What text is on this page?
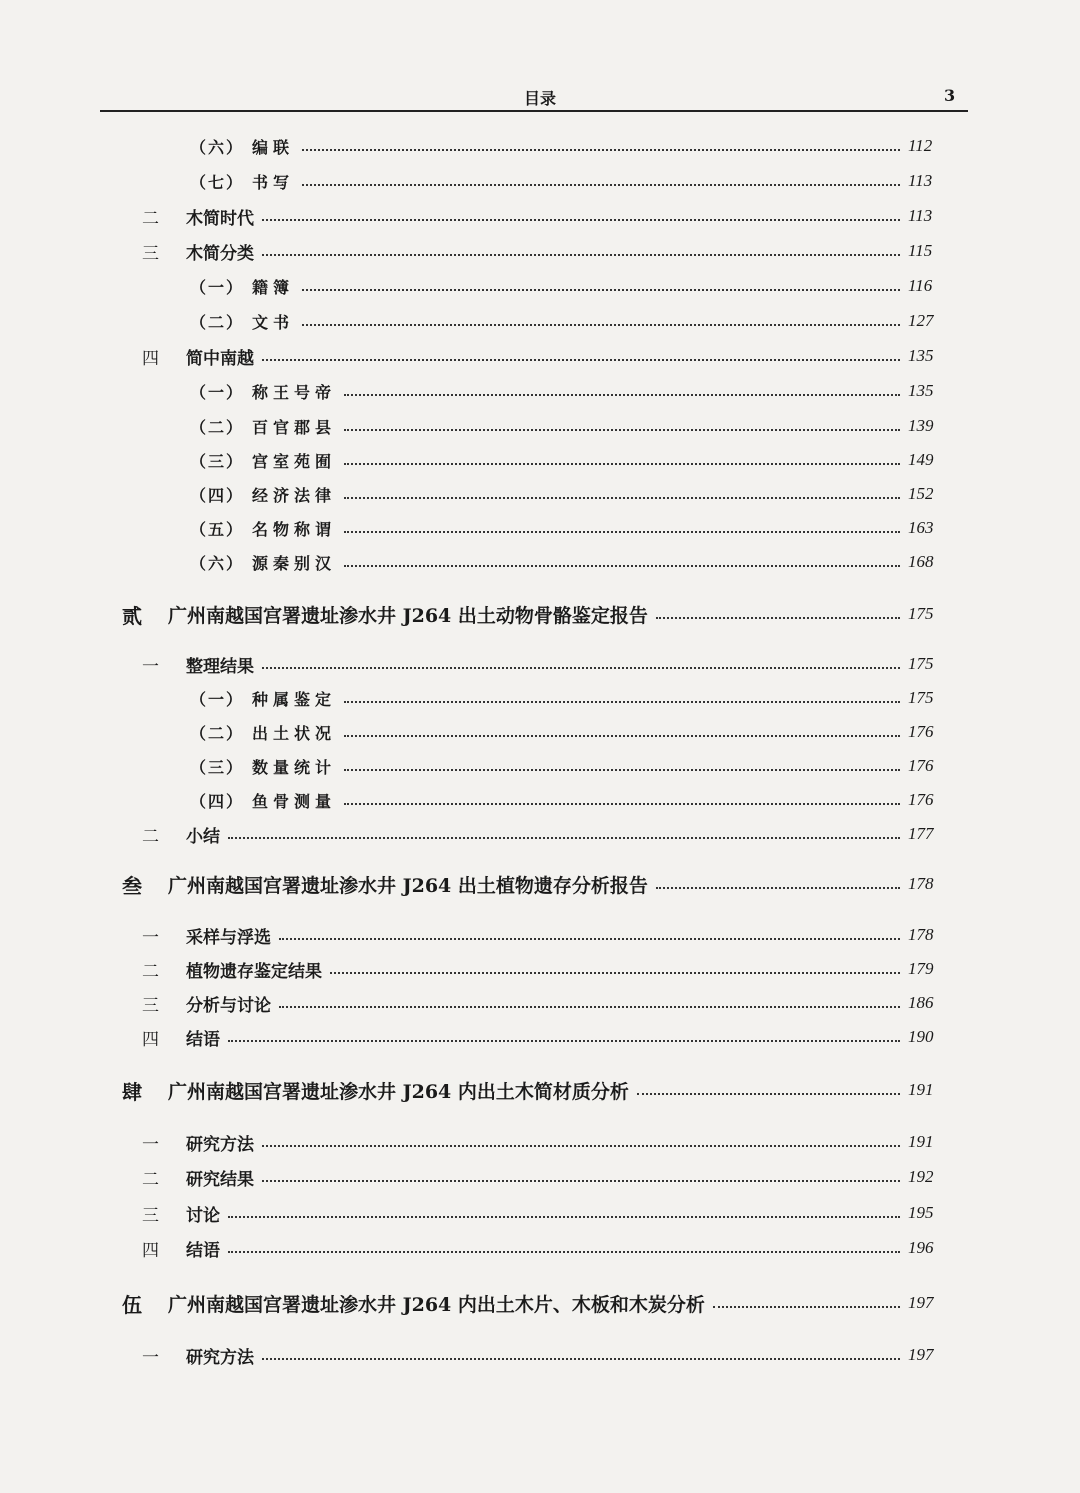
目录	3
（六） 编联	112
（七） 书写	113
二	木简时代	113
三	木简分类	115
（一） 籍簿	116
（二） 文书	127
四	简中南越	135
（一） 称王号帝	135
（二） 百官郡县	139
（三） 宫室苑囿	149
（四） 经济法律	152
（五） 名物称谓	163
（六） 源秦别汉	168
贰	广州南越国宫署遗址渗水井 J264 出土动物骨骼鉴定报告	175
一	整理结果	175
（一） 种属鉴定	175
（二） 出土状况	176
（三） 数量统计	176
（四） 鱼骨测量	176
二	小结	177
叁	广州南越国宫署遗址渗水井 J264 出土植物遗存分析报告	178
一	采样与浮选	178
二	植物遗存鉴定结果	179
三	分析与讨论	186
四	结语	190
肆	广州南越国宫署遗址渗水井 J264 内出土木简材质分析	191
一	研究方法	191
二	研究结果	192
三	讨论	195
四	结语	196
伍	广州南越国宫署遗址渗水井 J264 内出土木片、木板和木炭分析	197
一	研究方法	197
